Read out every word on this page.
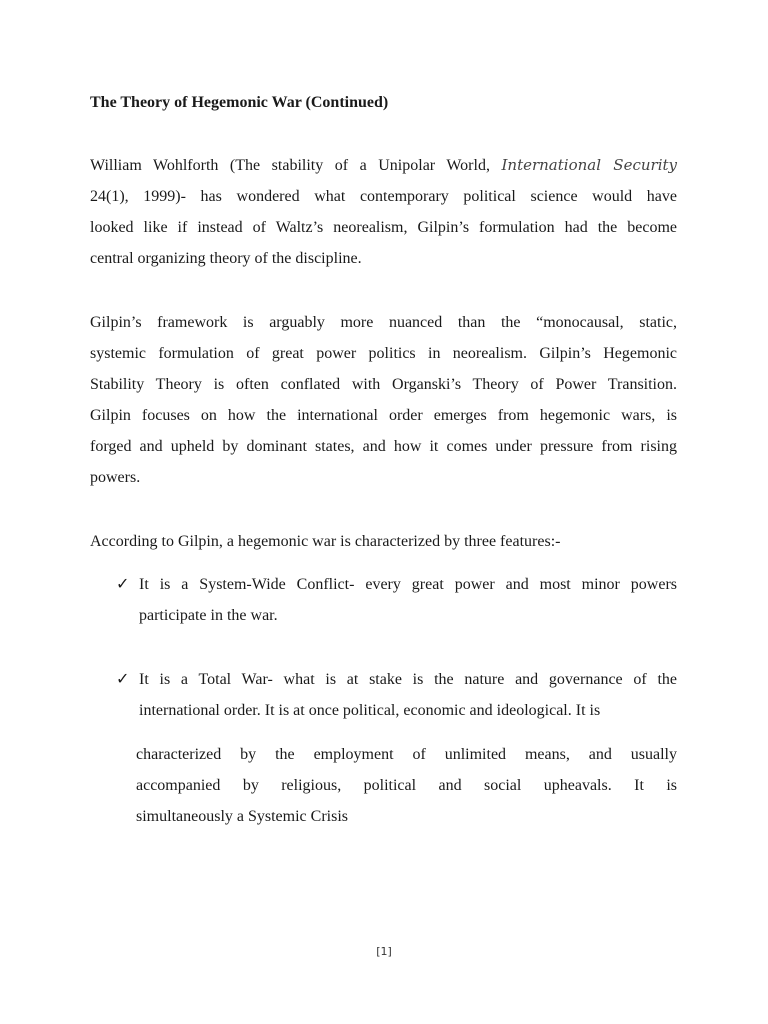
The Theory of Hegemonic War (Continued)
William Wohlforth (The stability of a Unipolar World, International Security
24(1), 1999)- has wondered what contemporary political science would have
looked like if instead of Waltz’s neorealism, Gilpin’s formulation had the become
central organizing theory of the discipline.
Gilpin’s framework is arguably more nuanced than the “monocausal, static,
systemic formulation of great power politics in neorealism. Gilpin’s Hegemonic
Stability Theory is often conflated with Organski’s Theory of Power Transition.
Gilpin focuses on how the international order emerges from hegemonic wars, is
forged and upheld by dominant states, and how it comes under pressure from rising
powers.
According to Gilpin, a hegemonic war is characterized by three features:-
✓ It is a System-Wide Conflict- every great power and most minor powers
participate in the war.
✓ It is a Total War- what is at stake is the nature and governance of the
international order. It is at once political, economic and ideological. It is
characterized by the employment of unlimited means, and usually
accompanied by religious, political and social upheavals. It is
simultaneously a Systemic Crisis
[1]
